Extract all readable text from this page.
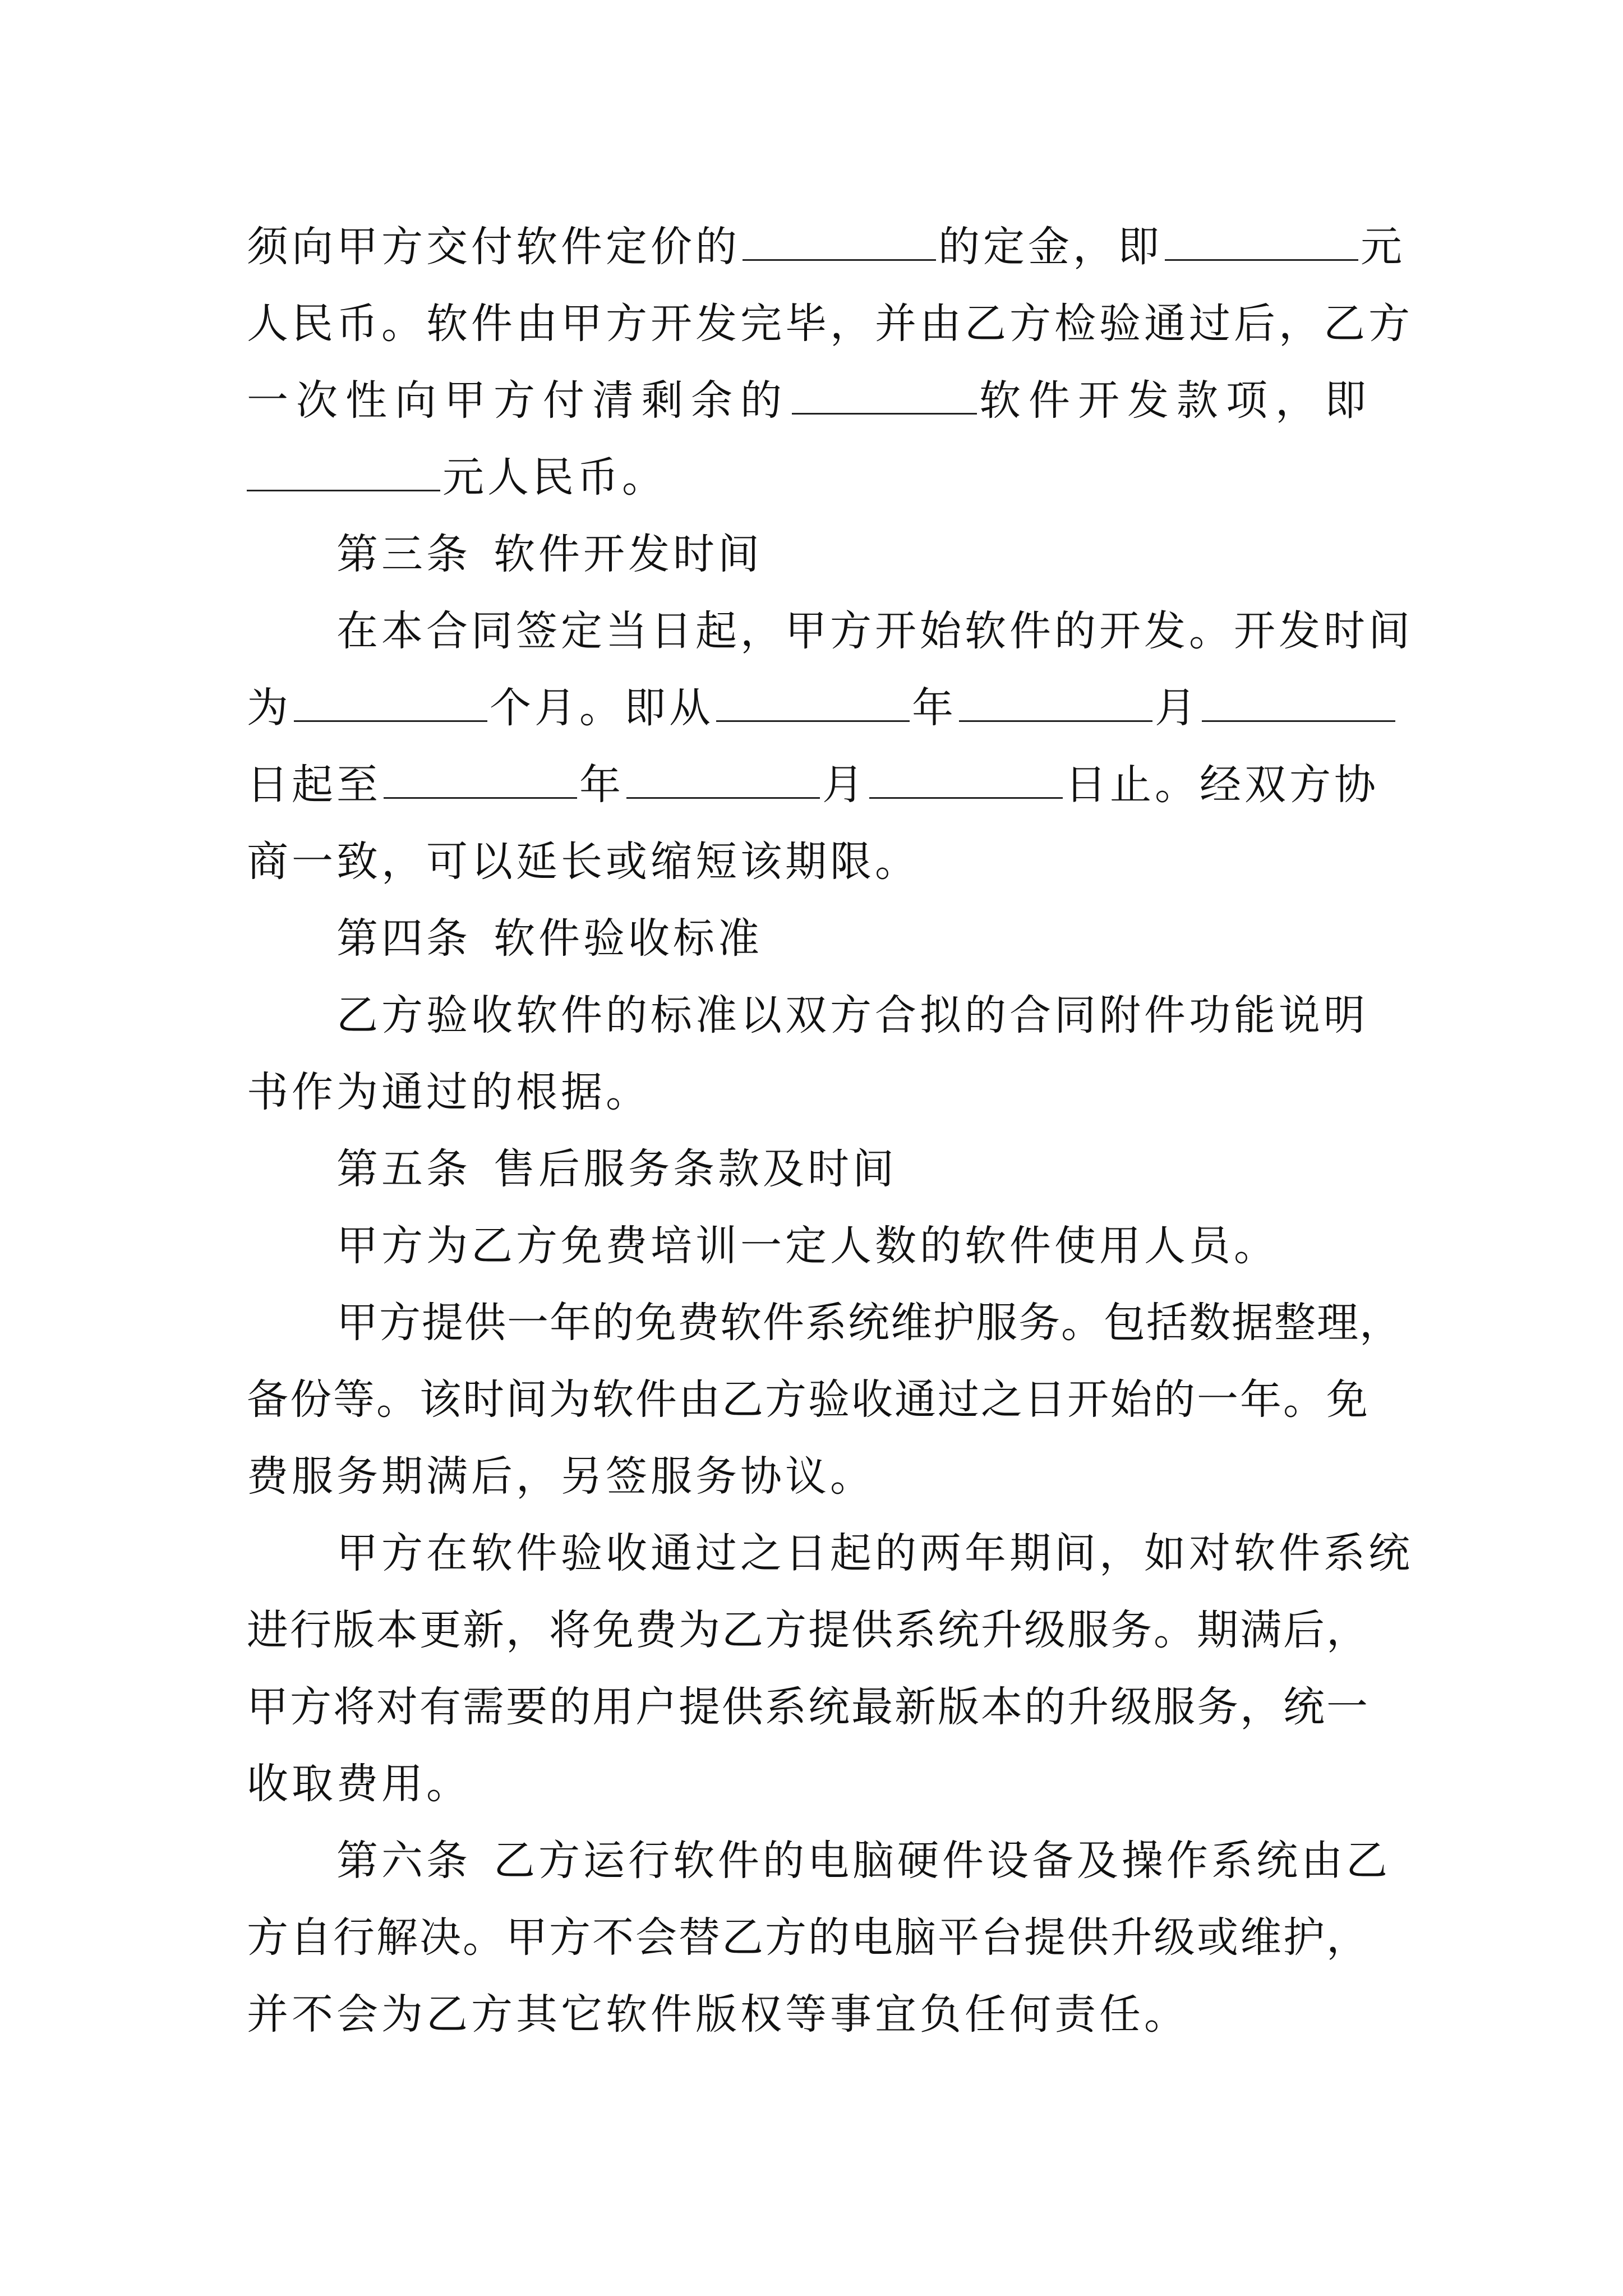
须向甲方交付软件定价的	的定金，即	元
人民币。软件由甲方开发完毕，并由乙方检验通过后，乙方
一次性向甲方付清剩余的	软件开发款项，即
元人民币。
第三条 软件开发时间
在本合同签定当日起，甲方开始软件的开发。开发时间
为	个月。即从	年	月
日起至	年	月	日止。经双方协
商一致，可以延长或缩短该期限。
第四条 软件验收标准
乙方验收软件的标准以双方合拟的合同附件功能说明
书作为通过的根据。
第五条 售后服务条款及时间
甲方为乙方免费培训一定人数的软件使用人员。
甲方提供一年的免费软件系统维护服务。包括数据整理，
备份等。该时间为软件由乙方验收通过之日开始的一年。免
费服务期满后，另签服务协议。
甲方在软件验收通过之日起的两年期间，如对软件系统
进行版本更新，将免费为乙方提供系统升级服务。期满后，
甲方将对有需要的用户提供系统最新版本的升级服务，统一
收取费用。
第六条 乙方运行软件的电脑硬件设备及操作系统由乙
方自行解决。甲方不会替乙方的电脑平台提供升级或维护，
并不会为乙方其它软件版权等事宜负任何责任。
